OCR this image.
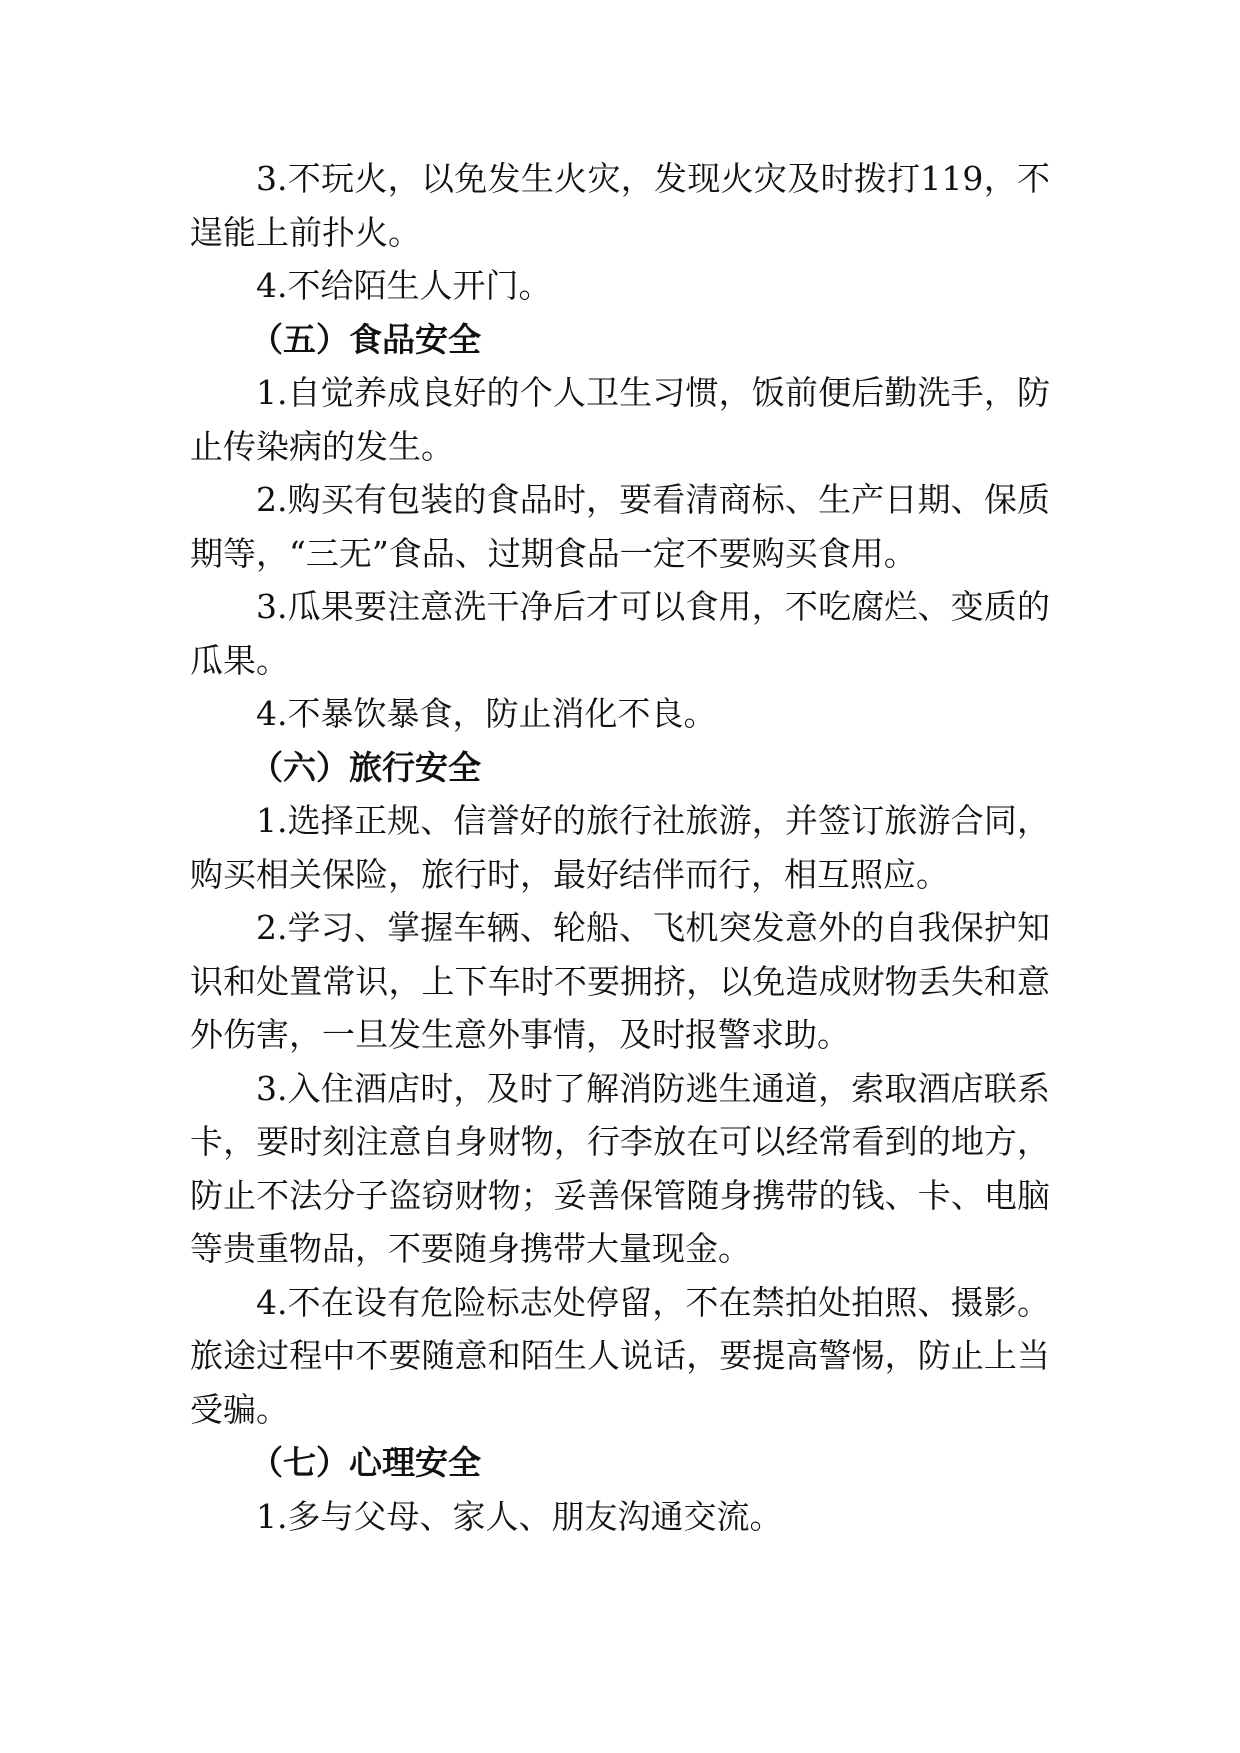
3.不玩火，以免发生火灾，发现火灾及时拨打119，不
逞能上前扑火。
4.不给陌生人开门。
（五）食品安全
1.自觉养成良好的个人卫生习惯，饭前便后勤洗手，防
止传染病的发生。
2.购买有包装的食品时，要看清商标、生产日期、保质
期等，“三无”食品、过期食品一定不要购买食用。
3.瓜果要注意洗干净后才可以食用，不吃腐烂、变质的
瓜果。
4.不暴饮暴食，防止消化不良。
（六）旅行安全
1.选择正规、信誉好的旅行社旅游，并签订旅游合同，
购买相关保险，旅行时，最好结伴而行，相互照应。
2.学习、掌握车辆、轮船、飞机突发意外的自我保护知
识和处置常识，上下车时不要拥挤，以免造成财物丢失和意
外伤害，一旦发生意外事情，及时报警求助。
3.入住酒店时，及时了解消防逃生通道，索取酒店联系
卡，要时刻注意自身财物，行李放在可以经常看到的地方，
防止不法分子盗窃财物；妥善保管随身携带的钱、卡、电脑
等贵重物品，不要随身携带大量现金。
4.不在设有危险标志处停留，不在禁拍处拍照、摄影。
旅途过程中不要随意和陌生人说话，要提高警惕，防止上当
受骗。
（七）心理安全
1.多与父母、家人、朋友沟通交流。
